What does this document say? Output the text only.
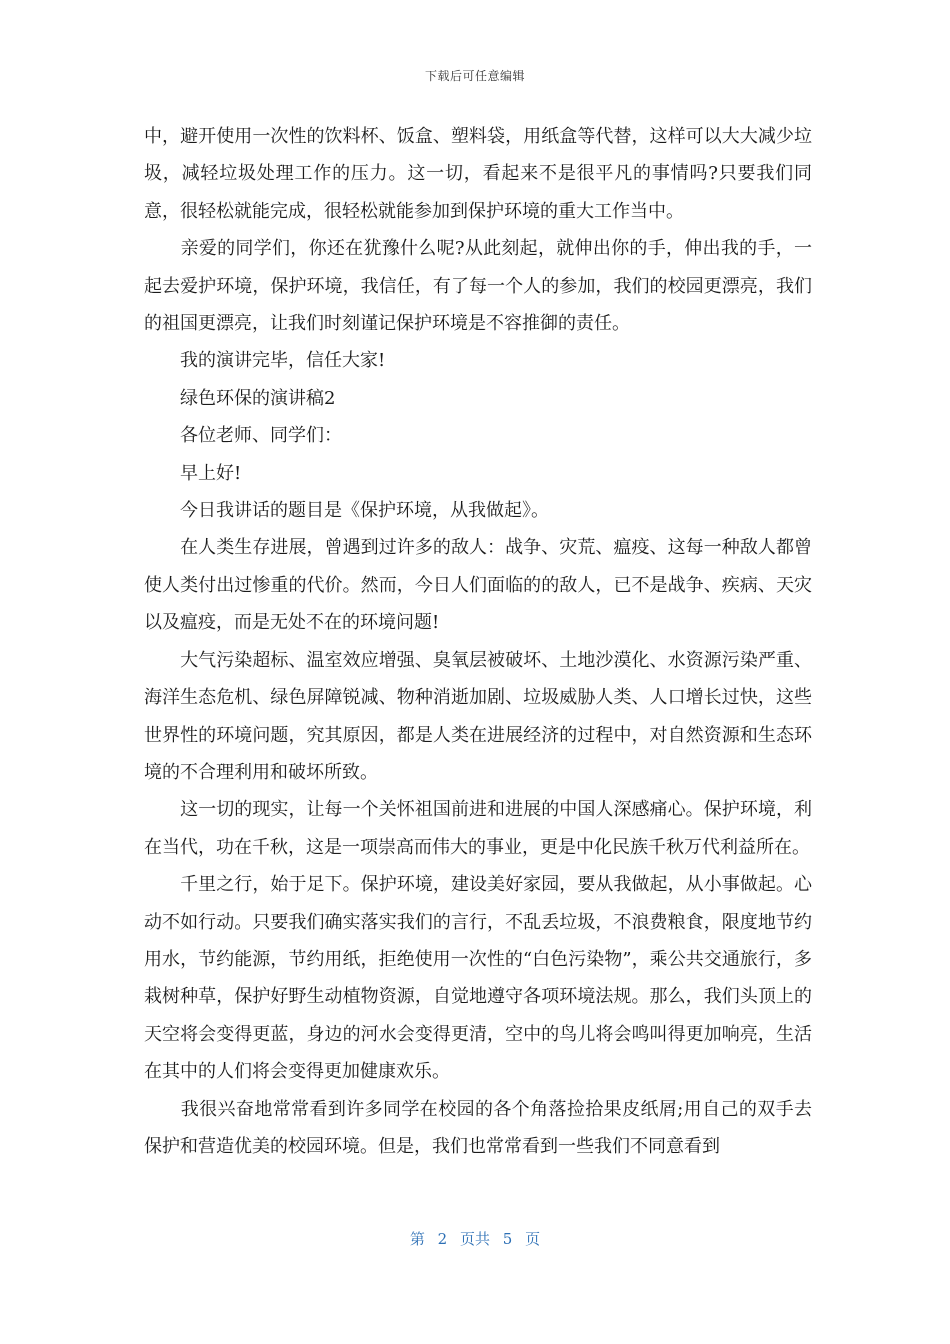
下载后可任意编辑

中，避开使用一次性的饮料杯、饭盒、塑料袋，用纸盒等代替，这样可以大大减少垃圾，减轻垃圾处理工作的压力。这一切，看起来不是很平凡的事情吗?只要我们同意，很轻松就能完成，很轻松就能参加到保护环境的重大工作当中。

　　亲爱的同学们，你还在犹豫什么呢?从此刻起，就伸出你的手，伸出我的手，一起去爱护环境，保护环境，我信任，有了每一个人的参加，我们的校园更漂亮，我们的祖国更漂亮，让我们时刻谨记保护环境是不容推御的责任。

　　我的演讲完毕，信任大家!

　　绿色环保的演讲稿2

　　各位老师、同学们：

　　早上好!

　　今日我讲话的题目是《保护环境，从我做起》。

　　在人类生存进展，曾遇到过许多的敌人：战争、灾荒、瘟疫、这每一种敌人都曾使人类付出过惨重的代价。然而，今日人们面临的的敌人，已不是战争、疾病、天灾以及瘟疫，而是无处不在的环境问题!

　　大气污染超标、温室效应增强、臭氧层被破坏、土地沙漠化、水资源污染严重、海洋生态危机、绿色屏障锐减、物种消逝加剧、垃圾威胁人类、人口增长过快，这些世界性的环境问题，究其原因，都是人类在进展经济的过程中，对自然资源和生态环境的不合理利用和破坏所致。

　　这一切的现实，让每一个关怀祖国前进和进展的中国人深感痛心。保护环境，利在当代，功在千秋，这是一项崇高而伟大的事业，更是中化民族千秋万代利益所在。

　　千里之行，始于足下。保护环境，建设美好家园，要从我做起，从小事做起。心动不如行动。只要我们确实落实我们的言行，不乱丢垃圾，不浪费粮食，限度地节约用水，节约能源，节约用纸，拒绝使用一次性的“白色污染物”，乘公共交通旅行，多栽树种草，保护好野生动植物资源，自觉地遵守各项环境法规。那么，我们头顶上的天空将会变得更蓝，身边的河水会变得更清，空中的鸟儿将会鸣叫得更加响亮，生活在其中的人们将会变得更加健康欢乐。

　　我很兴奋地常常看到许多同学在校园的各个角落捡拾果皮纸屑;用自己的双手去保护和营造优美的校园环境。但是，我们也常常看到一些我们不同意看到

第 2 页共 5 页
